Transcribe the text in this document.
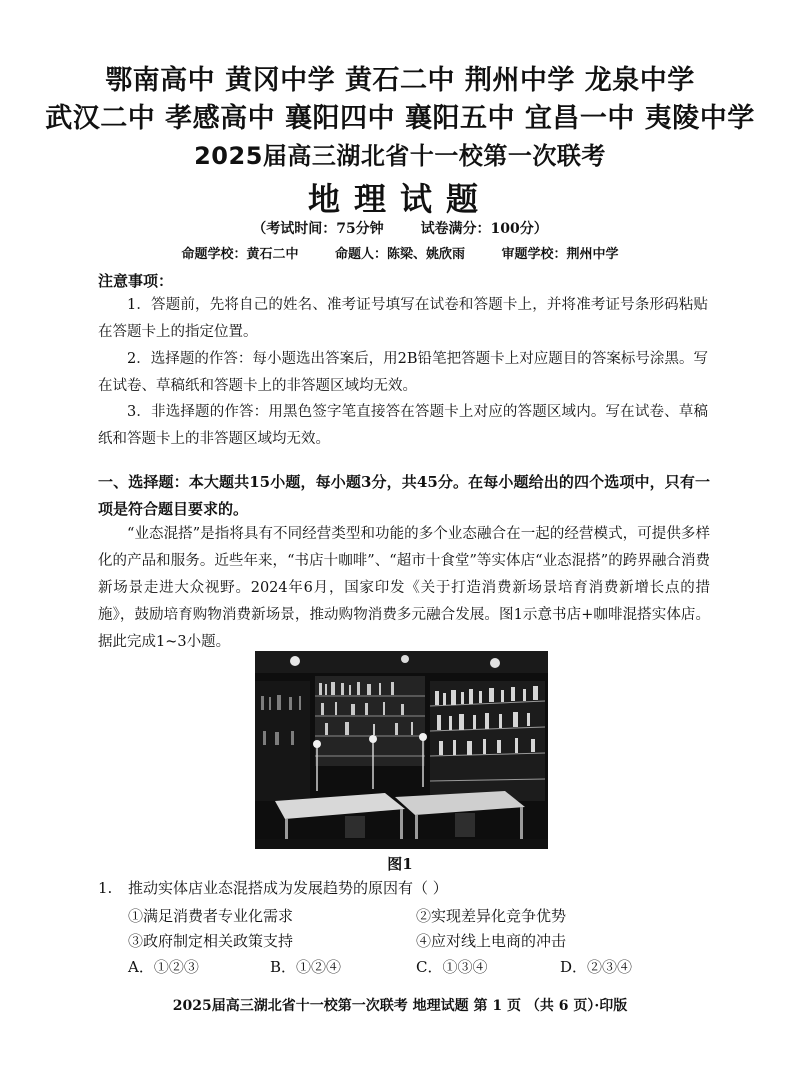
鄂南高中 黄冈中学 黄石二中 荆州中学 龙泉中学
武汉二中 孝感高中 襄阳四中 襄阳五中 宜昌一中 夷陵中学
2025届高三湖北省十一校第一次联考
地理试题
（考试时间：75分钟	试卷满分：100分）
命题学校：黄石二中	命题人：陈梁、姚欣雨	审题学校：荆州中学
注意事项：

1．答题前，先将自己的姓名、准考证号填写在试卷和答题卡上，并将准考证号条形码粘贴在答题卡上的指定位置。

2．选择题的作答：每小题选出答案后，用2B铅笔把答题卡上对应题目的答案标号涂黑。写在试卷、草稿纸和答题卡上的非答题区域均无效。

3．非选择题的作答：用黑色签字笔直接答在答题卡上对应的答题区域内。写在试卷、草稿纸和答题卡上的非答题区域均无效。

一、选择题：本大题共15小题，每小题3分，共45分。在每小题给出的四个选项中，只有一项是符合题目要求的。

“业态混搭”是指将具有不同经营类型和功能的多个业态融合在一起的经营模式，可提供多样化的产品和服务。近些年来，“书店十咖啡”、“超市十食堂”等实体店“业态混搭”的跨界融合消费新场景走进大众视野。2024年6月，国家印发《关于打造消费新场景培育消费新增长点的措施》，鼓励培育购物消费新场景，推动购物消费多元融合发展。图1示意书店+咖啡混搭实体店。据此完成1~3小题。

图1
1. 推动实体店业态混搭成为发展趋势的原因有（ ）
①满足消费者专业化需求	②实现差异化竞争优势
③政府制定相关政策支持	④应对线上电商的冲击
A．①②③	B．①②④	C．①③④	D．②③④
2025届高三湖北省十一校第一次联考 地理试题 第 1 页 （共 6 页）·印版
